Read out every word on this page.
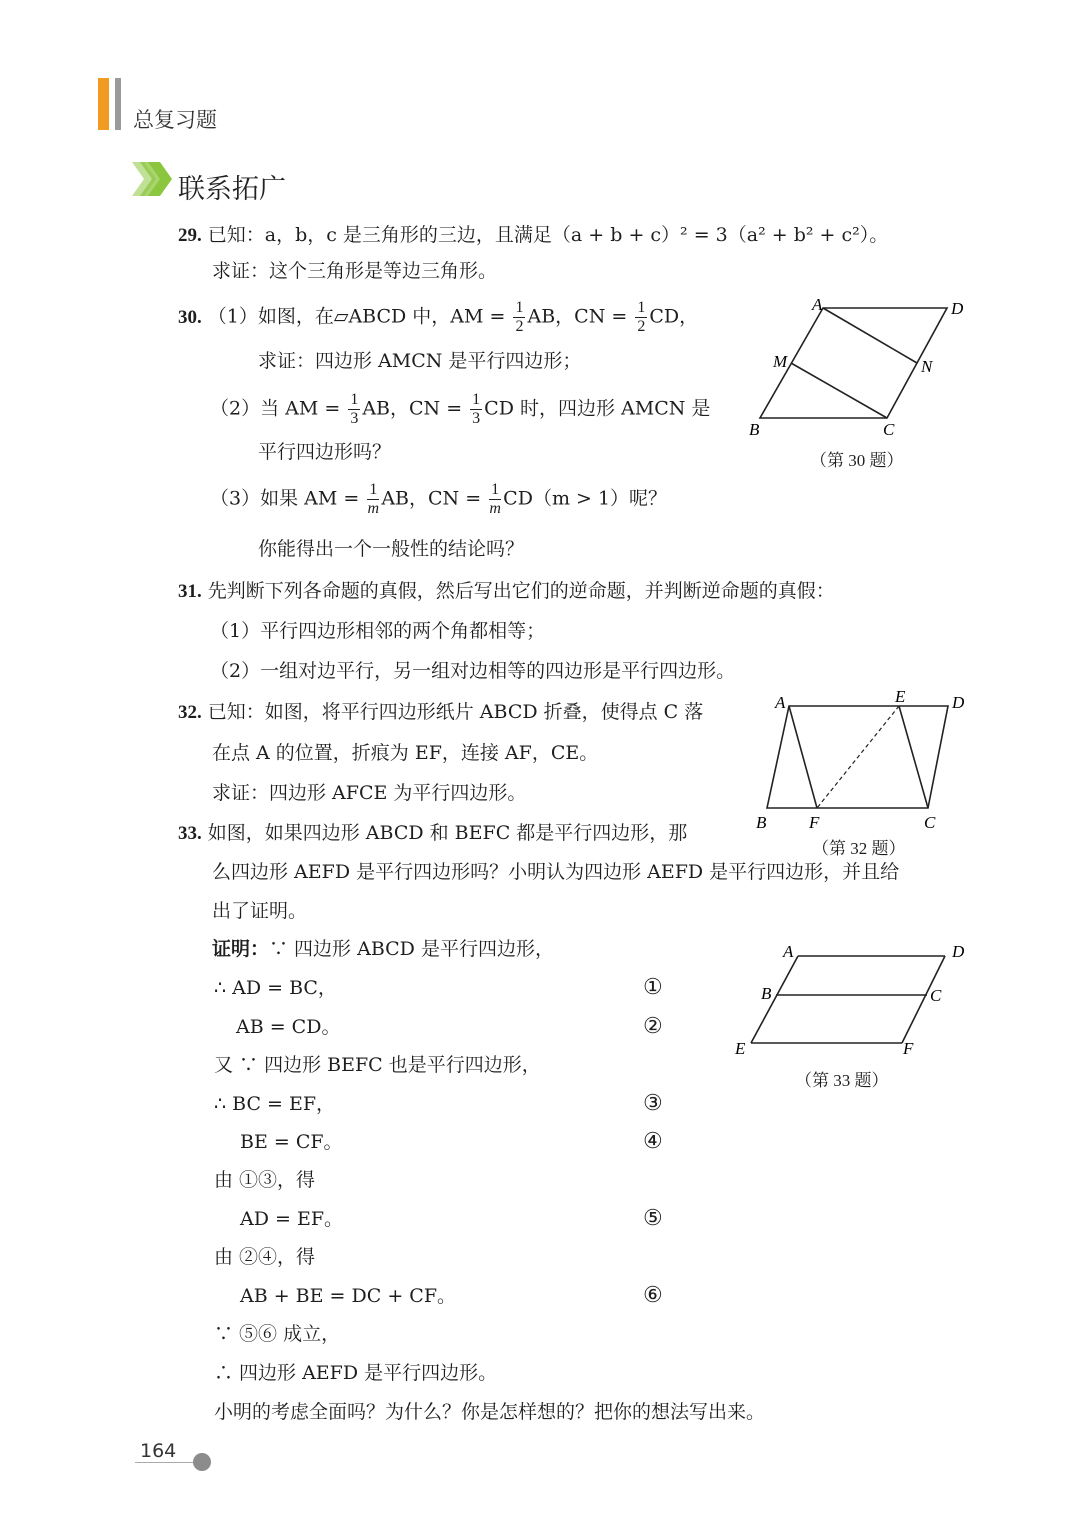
总复习题
联系拓广
29. 已知：a，b，c 是三角形的三边，且满足（a + b + c）² = 3（a² + b² + c²）。
求证：这个三角形是等边三角形。
30. （1）如图，在▱ABCD 中，AM = $\frac{1}{2}$ AB，CN = $\frac{1}{2}$ CD，
求证：四边形 AMCN 是平行四边形；
（2）当 AM = $\frac{1}{3}$ AB，CN = $\frac{1}{3}$ CD 时，四边形 AMCN 是
平行四边形吗？
（3）如果 AM = $\frac{1}{m}$ AB，CN = $\frac{1}{m} CD(m > 1)$呢？
你能得出一个一般性的结论吗？
A	D
M	N
B	C
（第 30 题）
31. 先判断下列各命题的真假，然后写出它们的逆命题，并判断逆命题的真假：
（1）平行四边形相邻的两个角都相等；
（2）一组对边平行，另一组对边相等的四边形是平行四边形。
32. 已知：如图，将平行四边形纸片 ABCD 折叠，使得点 C 落
在点 A 的位置，折痕为 EF，连接 AF，CE。
求证：四边形 AFCE 为平行四边形。
A	E	D
B	F	C
（第 32 题）
33. 如图，如果四边形 ABCD 和 BEFC 都是平行四边形，那
么四边形 AEFD 是平行四边形吗？小明认为四边形 AEFD 是平行四边形，并且给
出了证明。
证明：∵ 四边形 ABCD 是平行四边形，
∴ AD = BC，	①
AB = CD。	②
又 ∵ 四边形 BEFC 也是平行四边形，
∴ BC = EF，	③
BE = CF。	④
由 ①③，得
AD = EF。	⑤
由 ②④，得
AB + BE = DC + CF。	⑥
∵ ⑤⑥ 成立，
∴ 四边形 AEFD 是平行四边形。
小明的考虑全面吗？为什么？你是怎样想的？把你的想法写出来。
A	D
B	C
E	F
（第 33 题）
164
